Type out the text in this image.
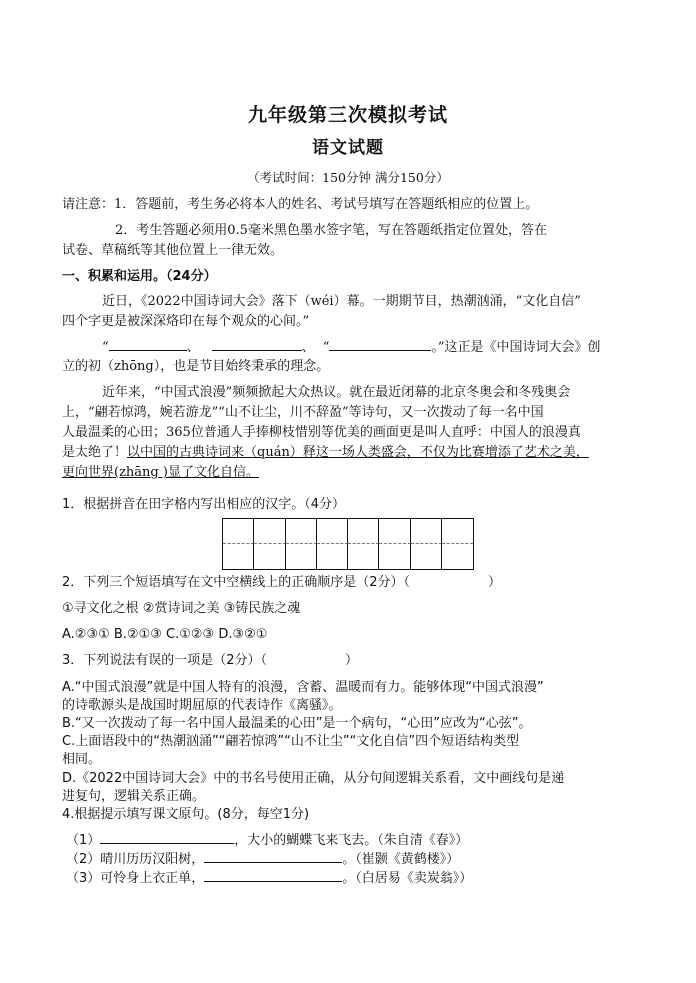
九年级第三次模拟考试
语文试题
（考试时间：150分钟 满分150分）
请注意：1．答题前，考生务必将本人的姓名、考试号填写在答题纸相应的位置上。
2．考生答题必须用0.5毫米黑色墨水签字笔，写在答题纸指定位置处，答在
试卷、草稿纸等其他位置上一律无效。
一、积累和运用。（24分）
近日，《2022中国诗词大会》落下（wéi）幕。一期期节目，热潮汹涌，“文化自信”
四个字更是被深深烙印在每个观众的心间。”
“	、	、 “	。”这正是《中国诗词大会》创
立的初（zhōng），也是节目始终秉承的理念。
近年来，“中国式浪漫”频频掀起大众热议。就在最近闭幕的北京冬奥会和冬残奥会
上，“翩若惊鸿，婉若游龙”“山不让尘，川不辞盈”等诗句，又一次拨动了每一名中国
人最温柔的心田；365位普通人手捧柳枝惜别等优美的画面更是叫人直呼：中国人的浪漫真
是太绝了！以中国的古典诗词来（quán）释这一场人类盛会，不仅为比赛增添了艺术之美，
更向世界(zhāng )显了文化自信。
1．根据拼音在田字格内写出相应的汉字。（4分）
2．下列三个短语填写在文中空横线上的正确顺序是（2分）（	）
①寻文化之根 ②赏诗词之美 ③铸民族之魂
A.②③① B.②①③ C.①②③ D.③②①
3．下列说法有误的一项是（2分）（	）
A.“中国式浪漫”就是中国人特有的浪漫，含蓄、温暖而有力。能够体现“中国式浪漫”
的诗歌源头是战国时期屈原的代表诗作《离骚》。
B.“又一次拨动了每一名中国人最温柔的心田”是一个病句，“心田”应改为“心弦”。
C.上面语段中的“热潮汹涌”“翩若惊鸿”“山不让尘”“文化自信”四个短语结构类型
相同。
D.《2022中国诗词大会》中的书名号使用正确，从分句间逻辑关系看，文中画线句是递
进复句，逻辑关系正确。
4.根据提示填写课文原句。(8分，每空1分)
（1）	，大小的蝴蝶飞来飞去。（朱自清《春》）
（2）晴川历历汉阳树，	。（崔颢《黄鹤楼》）
（3）可怜身上衣正单，	。（白居易《卖炭翁》）
